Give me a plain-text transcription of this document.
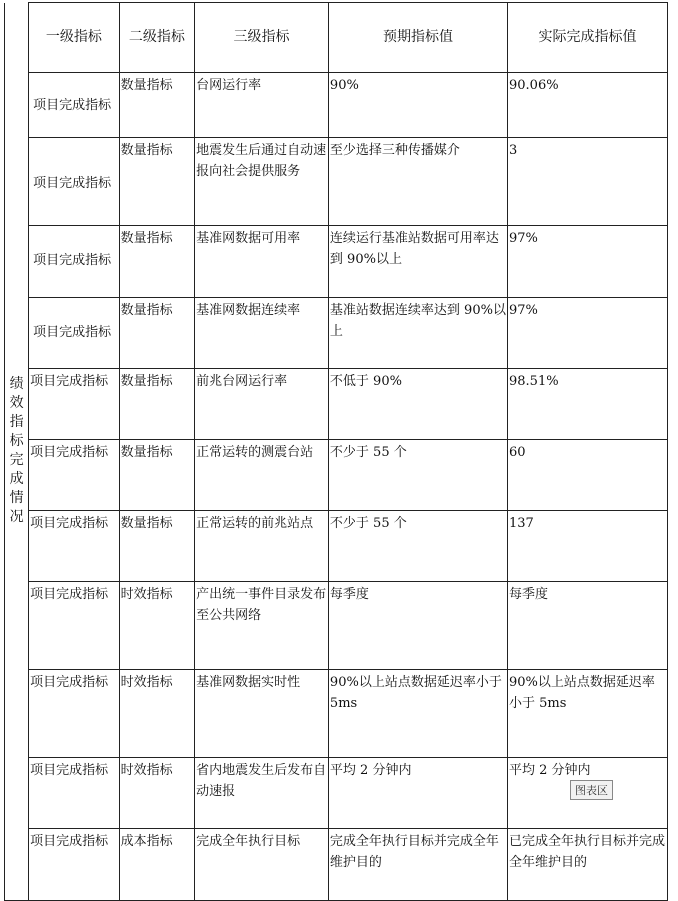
绩效指标完成情况	一级指标	二级指标	三级指标	预期指标值	实际完成指标值

	项目完成指标	数量指标	台网运行率	90%	90.06%

	项目完成指标	数量指标	地震发生后通过自动速报向社会提供服务	至少选择三种传播媒介	3

	项目完成指标	数量指标	基准网数据可用率	连续运行基准站数据可用率达到 90%以上	97%

	项目完成指标	数量指标	基准网数据连续率	基准站数据连续率达到 90%以上	97%

	项目完成指标	数量指标	前兆台网运行率	不低于 90%	98.51%

	项目完成指标	数量指标	正常运转的测震台站	不少于 55 个	60

	项目完成指标	数量指标	正常运转的前兆站点	不少于 55 个	137

	项目完成指标	时效指标	产出统一事件目录发布至公共网络	每季度	每季度

	项目完成指标	时效指标	基准网数据实时性	90%以上站点数据延迟率小于 5ms	90%以上站点数据延迟率小于 5ms

	项目完成指标	时效指标	省内地震发生后发布自动速报	平均 2 分钟内	平均 2 分钟内

	项目完成指标	成本指标	完成全年执行目标	完成全年执行目标并完成全年维护目的	已完成全年执行目标并完成全年维护目的
图表区
